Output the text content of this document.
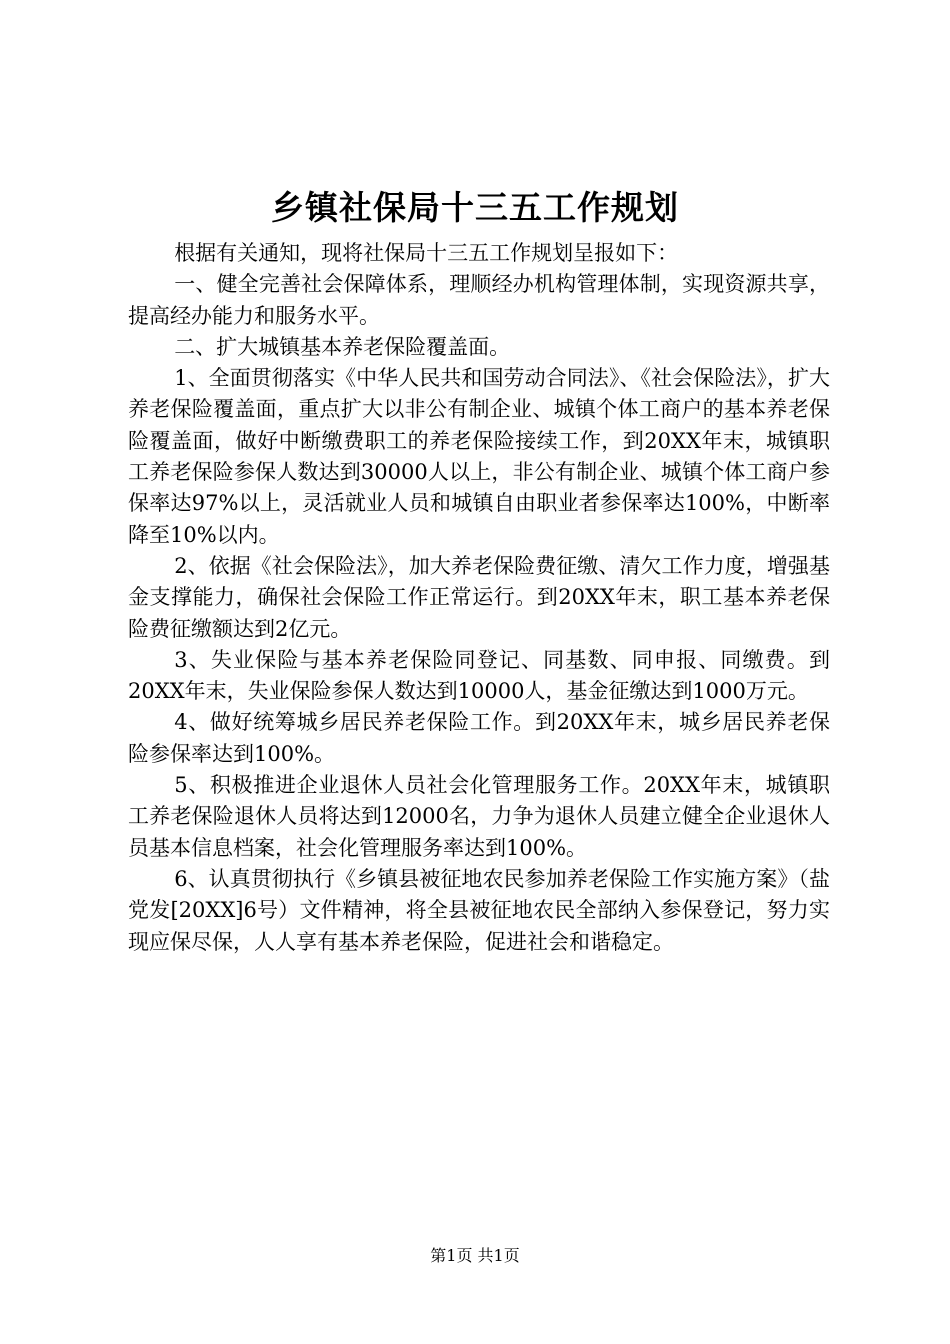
乡镇社保局十三五工作规划

根据有关通知，现将社保局十三五工作规划呈报如下：

一、健全完善社会保障体系，理顺经办机构管理体制，实现资源共享，提高经办能力和服务水平。

二、扩大城镇基本养老保险覆盖面。

1、全面贯彻落实《中华人民共和国劳动合同法》、《社会保险法》，扩大养老保险覆盖面，重点扩大以非公有制企业、城镇个体工商户的基本养老保险覆盖面，做好中断缴费职工的养老保险接续工作，到20XX年末，城镇职工养老保险参保人数达到30000人以上，非公有制企业、城镇个体工商户参保率达97%以上，灵活就业人员和城镇自由职业者参保率达100%，中断率降至10%以内。

2、依据《社会保险法》，加大养老保险费征缴、清欠工作力度，增强基金支撑能力，确保社会保险工作正常运行。到20XX年末，职工基本养老保险费征缴额达到2亿元。

3、失业保险与基本养老保险同登记、同基数、同申报、同缴费。到20XX年末，失业保险参保人数达到10000人，基金征缴达到1000万元。

4、做好统筹城乡居民养老保险工作。到20XX年末，城乡居民养老保险参保率达到100%。

5、积极推进企业退休人员社会化管理服务工作。20XX年末，城镇职工养老保险退休人员将达到12000名，力争为退休人员建立健全企业退休人员基本信息档案，社会化管理服务率达到100%。

6、认真贯彻执行《乡镇县被征地农民参加养老保险工作实施方案》（盐党发[20XX]6号）文件精神，将全县被征地农民全部纳入参保登记，努力实现应保尽保，人人享有基本养老保险，促进社会和谐稳定。

第1页 共1页
